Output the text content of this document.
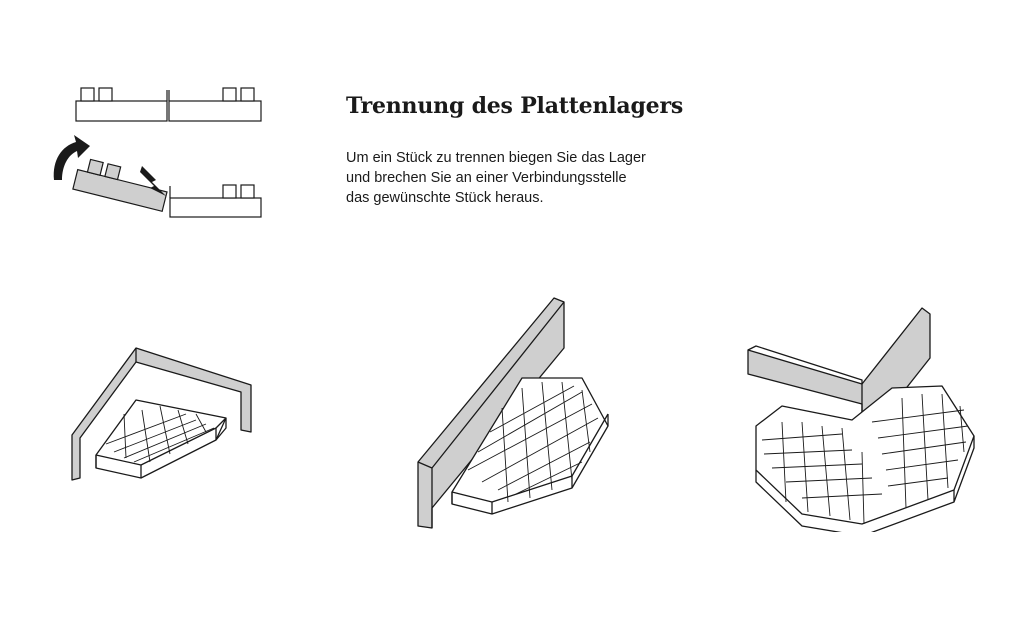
Trennung des Plattenlagers
Um ein Stück zu trennen biegen Sie das Lager
und brechen Sie an einer Verbindungsstelle
das gewünschte Stück heraus.
